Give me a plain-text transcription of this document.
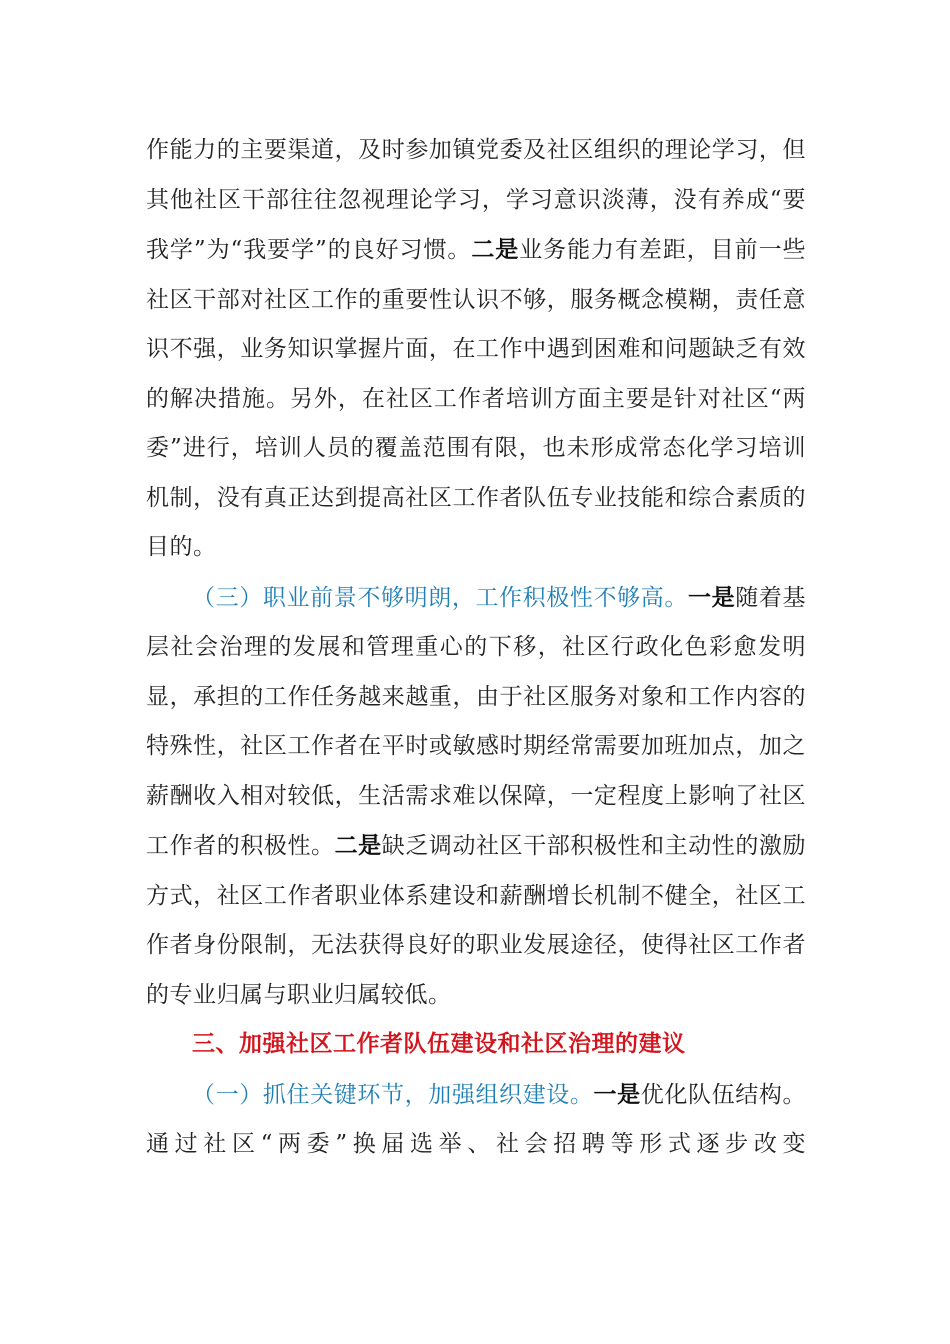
作能力的主要渠道，及时参加镇党委及社区组织的理论学习，但其他社区干部往往忽视理论学习，学习意识淡薄，没有养成“要我学”为“我要学”的良好习惯。二是业务能力有差距，目前一些社区干部对社区工作的重要性认识不够，服务概念模糊，责任意识不强，业务知识掌握片面，在工作中遇到困难和问题缺乏有效的解决措施。另外，在社区工作者培训方面主要是针对社区“两委”进行，培训人员的覆盖范围有限，也未形成常态化学习培训机制，没有真正达到提高社区工作者队伍专业技能和综合素质的目的。

（三）职业前景不够明朗，工作积极性不够高。一是随着基层社会治理的发展和管理重心的下移，社区行政化色彩愈发明显，承担的工作任务越来越重，由于社区服务对象和工作内容的特殊性，社区工作者在平时或敏感时期经常需要加班加点，加之薪酬收入相对较低，生活需求难以保障，一定程度上影响了社区工作者的积极性。二是缺乏调动社区干部积极性和主动性的激励方式，社区工作者职业体系建设和薪酬增长机制不健全，社区工作者身份限制，无法获得良好的职业发展途径，使得社区工作者的专业归属与职业归属较低。

三、加强社区工作者队伍建设和社区治理的建议

（一）抓住关键环节，加强组织建设。一是优化队伍结构。通过社区“两委”换届选举、社会招聘等形式逐步改变
